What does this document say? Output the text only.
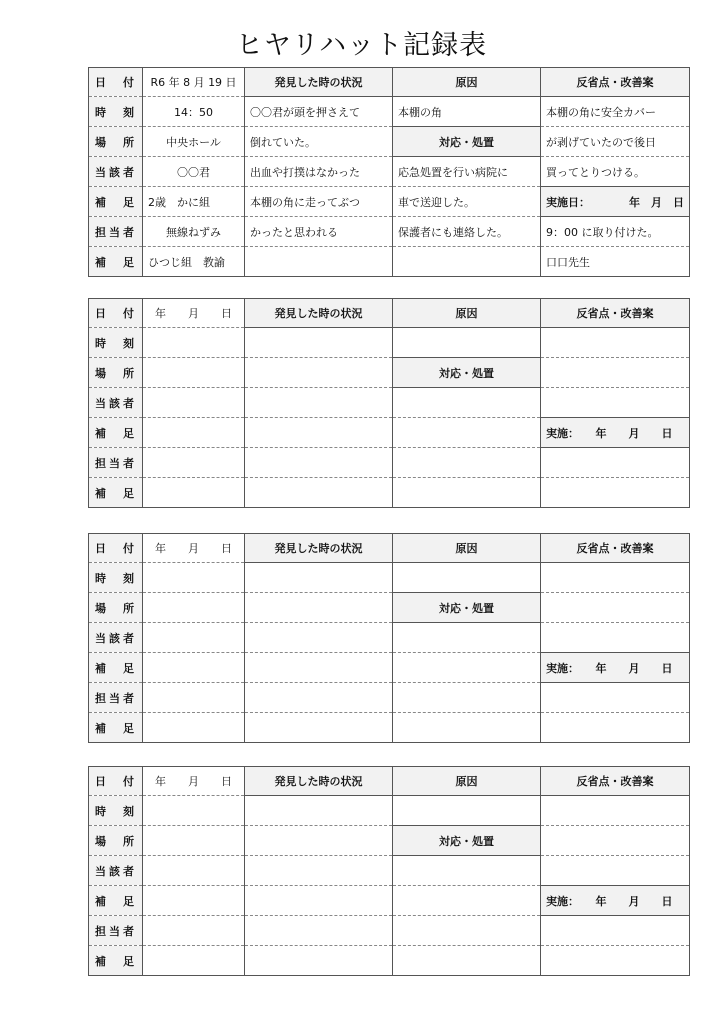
ヒヤリハット記録表
日　付	R6 年 8 月 19 日	発見した時の状況	原因	反省点・改善案
時　刻	14：50	〇〇君が頭を押さえて	本棚の角	本棚の角に安全カバー
場　所	中央ホール	倒れていた。	対応・処置	が剥げていたので後日
当該者	〇〇君	出血や打撲はなかった	応急処置を行い病院に	買ってとりつける。
補　足	2歳　かに組	本棚の角に走ってぶつ	車で送迎した。	実施日： 年　月　日

担当者	無線ねずみ	かったと思われる	保護者にも連絡した。	9：00 に取り付けた。
補　足	ひつじ組　教諭			口口先生
日　付	年　　月　　日	発見した時の状況	原因	反省点・改善案
時　刻				
場　所			対応・処置	
当該者				
補　足				実施：　　年　　月　　日
担当者				
補　足				
日　付	年　　月　　日	発見した時の状況	原因	反省点・改善案
時　刻				
場　所			対応・処置	
当該者				
補　足				実施：　　年　　月　　日
担当者				
補　足				
日　付	年　　月　　日	発見した時の状況	原因	反省点・改善案
時　刻				
場　所			対応・処置	
当該者				
補　足				実施：　　年　　月　　日
担当者				
補　足				
